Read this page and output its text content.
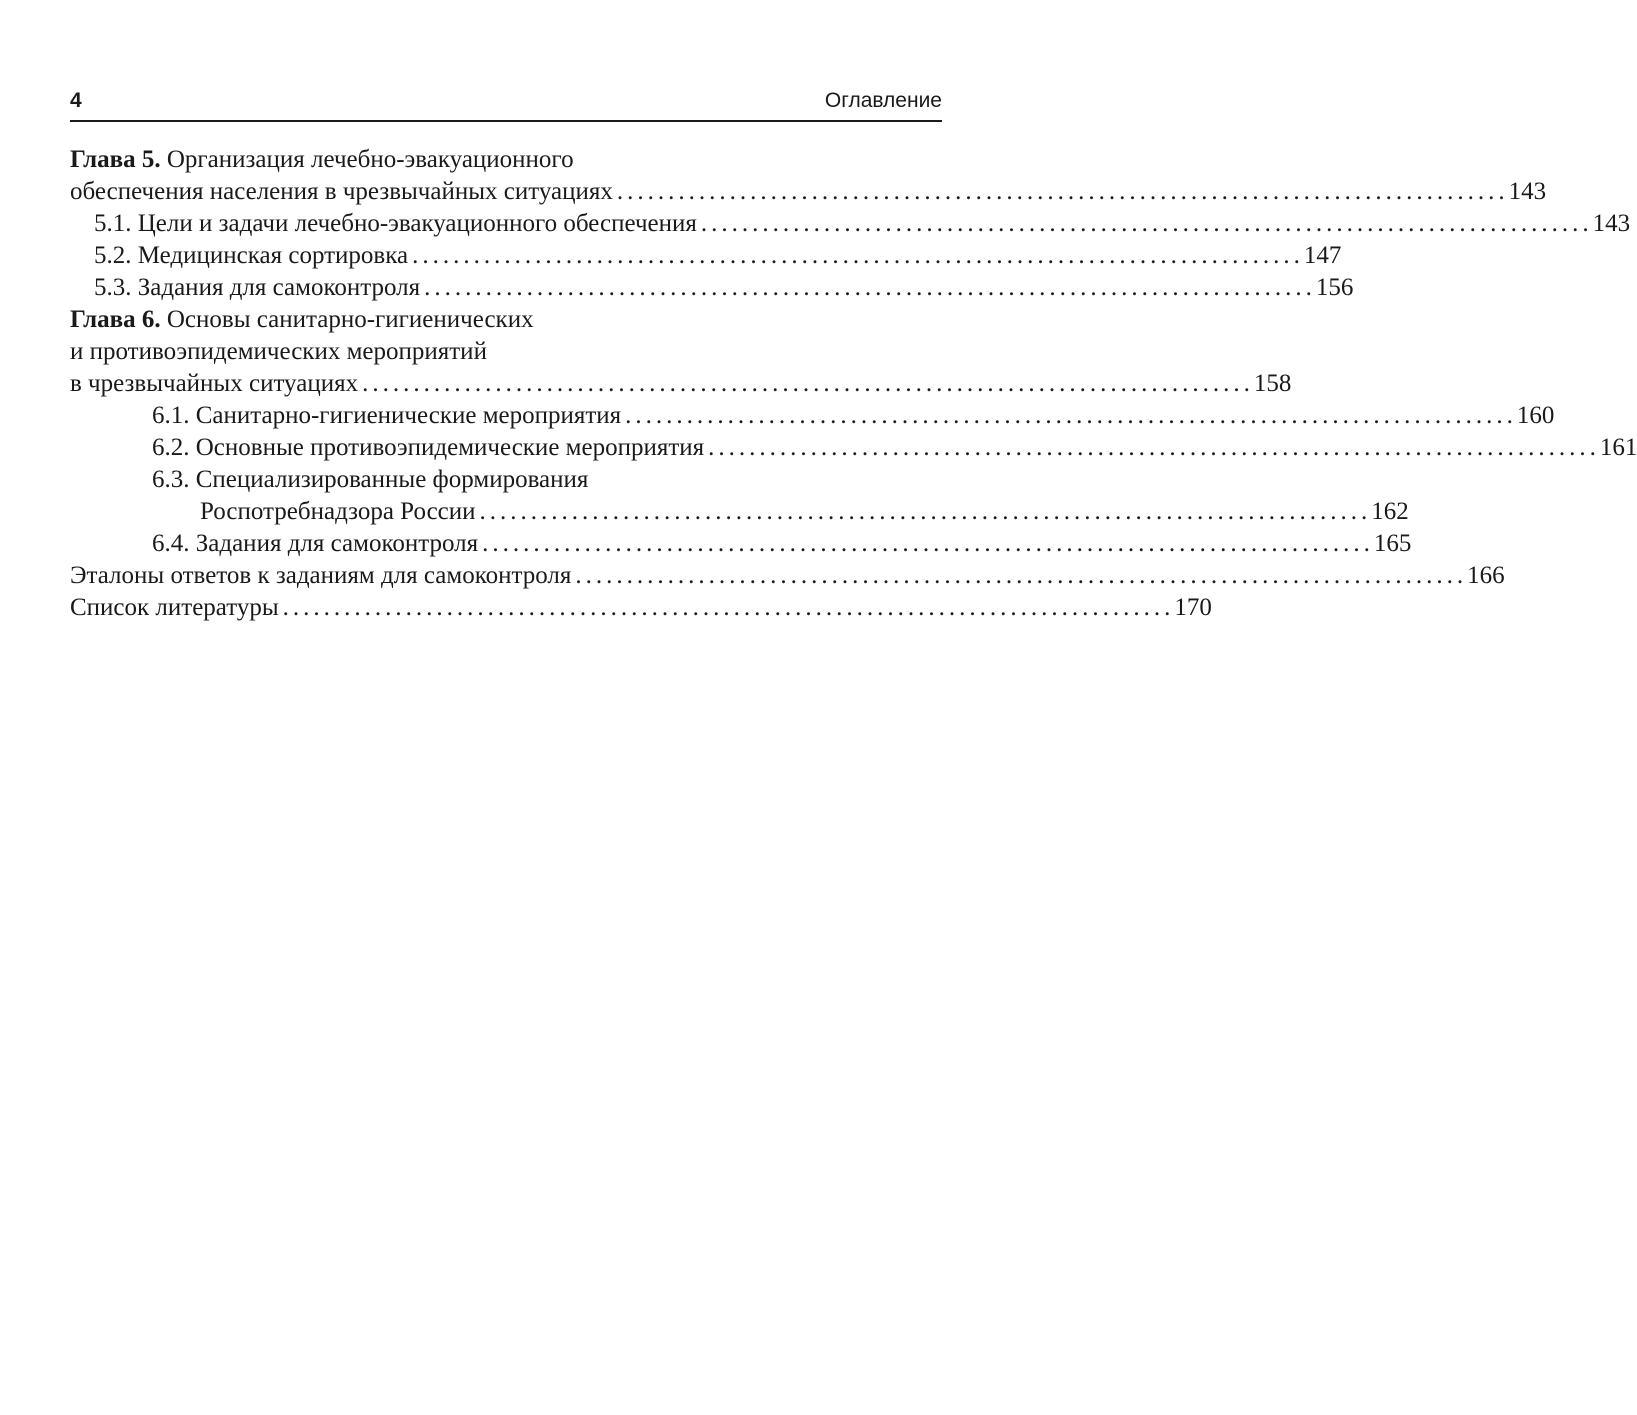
4	Оглавление
Глава 5. Организация лечебно-эвакуационного
обеспечения населения в чрезвычайных ситуациях ....................................................................................... 143
5.1. Цели и задачи лечебно-эвакуационного обеспечения ....................................................................................... 143
5.2. Медицинская сортировка ....................................................................................... 147
5.3. Задания для самоконтроля ....................................................................................... 156
Глава 6. Основы санитарно-гигиенических
и противоэпидемических мероприятий
в чрезвычайных ситуациях ....................................................................................... 158
6.1. Санитарно-гигиенические мероприятия ....................................................................................... 160
6.2. Основные противоэпидемические мероприятия ....................................................................................... 161
6.3. Специализированные формирования
Роспотребнадзора России ....................................................................................... 162
6.4. Задания для самоконтроля ....................................................................................... 165
Эталоны ответов к заданиям для самоконтроля ....................................................................................... 166
Список литературы ....................................................................................... 170
